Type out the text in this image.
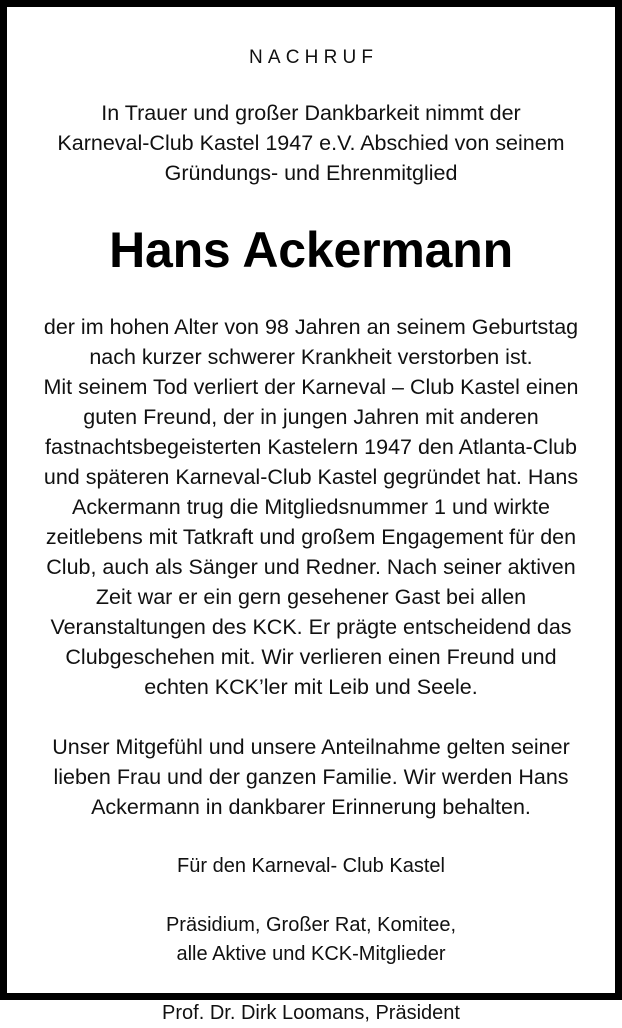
NACHRUF

In Trauer und großer Dankbarkeit nimmt der
Karneval-Club Kastel 1947 e.V. Abschied von seinem
Gründungs- und Ehrenmitglied

Hans Ackermann

der im hohen Alter von 98 Jahren an seinem Geburtstag
nach kurzer schwerer Krankheit verstorben ist.
Mit seinem Tod verliert der Karneval – Club Kastel einen
guten Freund, der in jungen Jahren mit anderen
fastnachtsbegeisterten Kastelern 1947 den Atlanta-Club
und späteren Karneval-Club Kastel gegründet hat. Hans
Ackermann trug die Mitgliedsnummer 1 und wirkte
zeitlebens mit Tatkraft und großem Engagement für den
Club, auch als Sänger und Redner. Nach seiner aktiven
Zeit war er ein gern gesehener Gast bei allen
Veranstaltungen des KCK. Er prägte entscheidend das
Clubgeschehen mit. Wir verlieren einen Freund und
echten KCK’ler mit Leib und Seele.

Unser Mitgefühl und unsere Anteilnahme gelten seiner
lieben Frau und der ganzen Familie. Wir werden Hans
Ackermann in dankbarer Erinnerung behalten.

Für den Karneval- Club Kastel

Präsidium, Großer Rat, Komitee,
alle Aktive und KCK-Mitglieder

Prof. Dr. Dirk Loomans, Präsident
